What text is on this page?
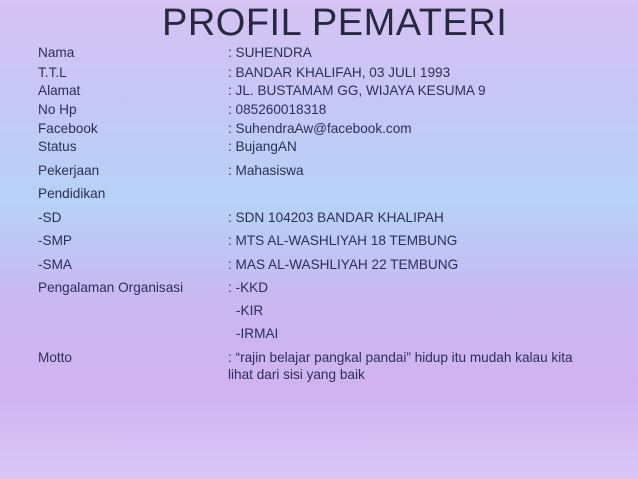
PROFIL PEMATERI
Nama	: SUHENDRA
T.T.L	: BANDAR KHALIFAH, 03 JULI 1993
Alamat	: JL. BUSTAMAM GG, WIJAYA KESUMA 9
No Hp	: 085260018318
Facebook	: SuhendraAw@facebook.com
Status	: BujangAN
Pekerjaan	: Mahasiswa
Pendidikan
-SD	: SDN 104203 BANDAR KHALIPAH
-SMP	: MTS AL-WASHLIYAH 18 TEMBUNG
-SMA	: MAS AL-WASHLIYAH 22 TEMBUNG
Pengalaman Organisasi	: -KKD
-KIR
-IRMAI
Motto	: “rajin belajar pangkal pandai” hidup itu mudah kalau kita lihat dari sisi yang baik
